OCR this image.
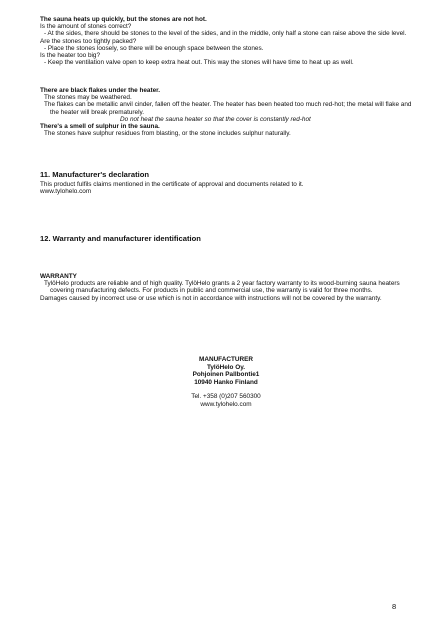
The sauna heats up quickly, but the stones are not hot.

Is the amount of stones correct?

- At the sides, there should be stones to the level of the sides, and in the middle, only half a stone can raise above the side level.

Are the stones too tightly packed?

- Place the stones loosely, so there will be enough space between the stones.

Is the heater too big?

- Keep the ventilation valve open to keep extra heat out. This way the stones will have time to heat up as well.

There are black flakes under the heater.

The stones may be weathered.

The flakes can be metallic anvil cinder, fallen off the heater. The heater has been heated too much red-hot; the metal will flake and the heater will break prematurely.

Do not heat the sauna heater so that the cover is constantly red-hot

There's a smell of sulphur in the sauna.

The stones have sulphur residues from blasting, or the stone includes sulphur naturally.

11. Manufacturer's declaration

This product fulfils claims mentioned in the certificate of approval and documents related to it.

www.tylohelo.com

12. Warranty and manufacturer identification

WARRANTY

TylöHelo products are reliable and of high quality. TylöHelo grants a 2 year factory warranty to its wood-burning sauna heaters covering manufacturing defects. For products in public and commercial use, the warranty is valid for three months.

Damages caused by incorrect use or use which is not in accordance with instructions will not be covered by the warranty.

MANUFACTURER
TylöHelo Oy.
Pohjoinen Pallbontie1
10940 Hanko Finland
Tel. +358 (0)207 560300
www.tylohelo.com
8
